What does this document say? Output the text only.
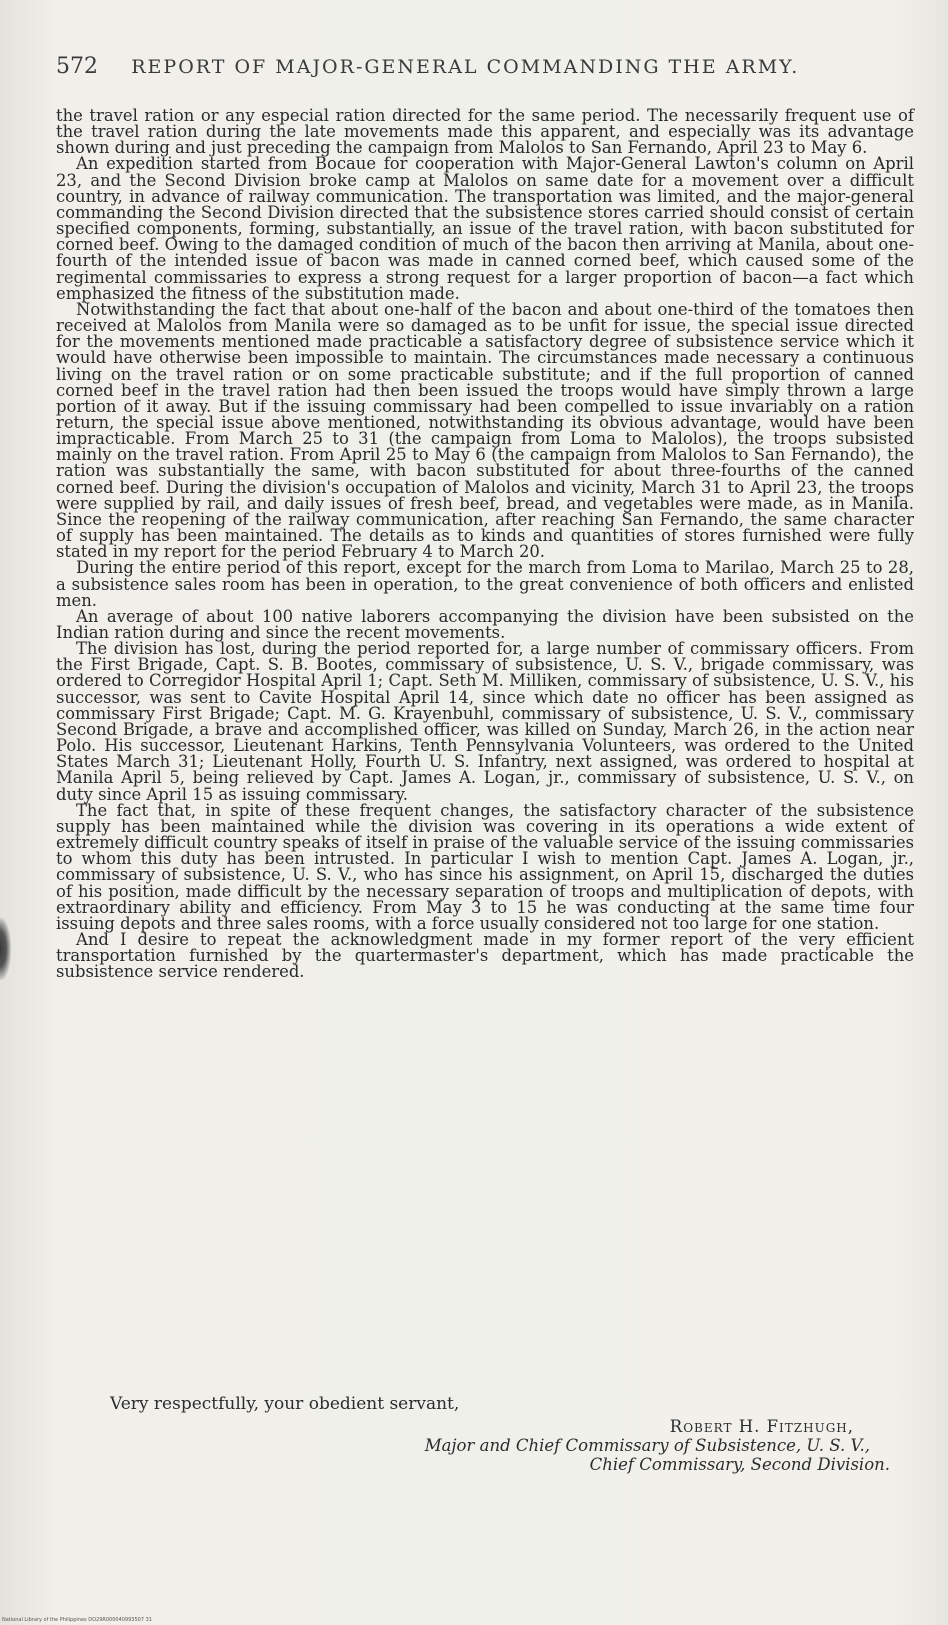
572 REPORT OF MAJOR-GENERAL COMMANDING THE ARMY.

the travel ration or any especial ration directed for the same period. The necessarily frequent use of the travel ration during the late movements made this apparent, and especially was its advantage shown during and just preceding the campaign from Malolos to San Fernando, April 23 to May 6.

An expedition started from Bocaue for cooperation with Major-General Lawton's column on April 23, and the Second Division broke camp at Malolos on same date for a movement over a difficult country, in advance of railway communication. The transportation was limited, and the major-general commanding the Second Division directed that the subsistence stores carried should consist of certain specified components, forming, substantially, an issue of the travel ration, with bacon substituted for corned beef. Owing to the damaged condition of much of the bacon then arriving at Manila, about one-fourth of the intended issue of bacon was made in canned corned beef, which caused some of the regimental commissaries to express a strong request for a larger proportion of bacon—a fact which emphasized the fitness of the substitution made.

Notwithstanding the fact that about one-half of the bacon and about one-third of the tomatoes then received at Malolos from Manila were so damaged as to be unfit for issue, the special issue directed for the movements mentioned made practicable a satisfactory degree of subsistence service which it would have otherwise been impossible to maintain. The circumstances made necessary a continuous living on the travel ration or on some practicable substitute; and if the full proportion of canned corned beef in the travel ration had then been issued the troops would have simply thrown a large portion of it away. But if the issuing commissary had been compelled to issue invariably on a ration return, the special issue above mentioned, notwithstanding its obvious advantage, would have been impracticable. From March 25 to 31 (the campaign from Loma to Malolos), the troops subsisted mainly on the travel ration. From April 25 to May 6 (the campaign from Malolos to San Fernando), the ration was substantially the same, with bacon substituted for about three-fourths of the canned corned beef. During the division's occupation of Malolos and vicinity, March 31 to April 23, the troops were supplied by rail, and daily issues of fresh beef, bread, and vegetables were made, as in Manila. Since the reopening of the railway communication, after reaching San Fernando, the same character of supply has been maintained. The details as to kinds and quantities of stores furnished were fully stated in my report for the period February 4 to March 20.

During the entire period of this report, except for the march from Loma to Marilao, March 25 to 28, a subsistence sales room has been in operation, to the great convenience of both officers and enlisted men.

An average of about 100 native laborers accompanying the division have been subsisted on the Indian ration during and since the recent movements.

The division has lost, during the period reported for, a large number of commissary officers. From the First Brigade, Capt. S. B. Bootes, commissary of subsistence, U. S. V., brigade commissary, was ordered to Corregidor Hospital April 1; Capt. Seth M. Milliken, commissary of subsistence, U. S. V., his successor, was sent to Cavite Hospital April 14, since which date no officer has been assigned as commissary First Brigade; Capt. M. G. Krayenbuhl, commissary of subsistence, U. S. V., commissary Second Brigade, a brave and accomplished officer, was killed on Sunday, March 26, in the action near Polo. His successor, Lieutenant Harkins, Tenth Pennsylvania Volunteers, was ordered to the United States March 31; Lieutenant Holly, Fourth U. S. Infantry, next assigned, was ordered to hospital at Manila April 5, being relieved by Capt. James A. Logan, jr., commissary of subsistence, U. S. V., on duty since April 15 as issuing commissary.

The fact that, in spite of these frequent changes, the satisfactory character of the subsistence supply has been maintained while the division was covering in its operations a wide extent of extremely difficult country speaks of itself in praise of the valuable service of the issuing commissaries to whom this duty has been intrusted. In particular I wish to mention Capt. James A. Logan, jr., commissary of subsistence, U. S. V., who has since his assignment, on April 15, discharged the duties of his position, made difficult by the necessary separation of troops and multiplication of depots, with extraordinary ability and efficiency. From May 3 to 15 he was conducting at the same time four issuing depots and three sales rooms, with a force usually considered not too large for one station.

And I desire to repeat the acknowledgment made in my former report of the very efficient transportation furnished by the quartermaster's department, which has made practicable the subsistence service rendered.

Very respectfully, your obedient servant,
Robert H. Fitzhugh,
Major and Chief Commissary of Subsistence, U. S. V.,
Chief Commissary, Second Division.
National Library of the Philippines DO29R000040993507 31
